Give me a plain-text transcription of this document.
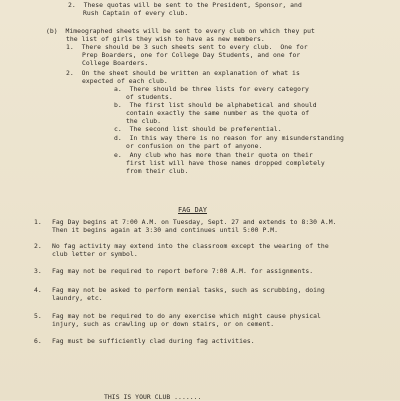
2.  These quotas will be sent to the President, Sponsor, and
Rush Captain of every club.
(b)  Mimeographed sheets will be sent to every club on which they put
the list of girls they wish to have as new members.
1.  There should be 3 such sheets sent to every club.  One for
Prep Boarders, one for College Day Students, and one for
College Boarders.
2.  On the sheet should be written an explanation of what is
expected of each club.
a.  There should be three lists for every category
of students.
b.  The first list should be alphabetical and should
contain exactly the same number as the quota of
the club.
c.  The second list should be preferential.
d.  In this way there is no reason for any misunderstanding
or confusion on the part of anyone.
e.  Any club who has more than their quota on their
first list will have those names dropped completely
from their club.
FAG DAY
1. Fag Day begins at 7:00 A.M. on Tuesday, Sept. 27 and extends to 8:30 A.M.
Then it begins again at 3:30 and continues until 5:00 P.M.
2. No fag activity may extend into the classroom except the wearing of the
club letter or symbol.
3. Fag may not be required to report before 7:00 A.M. for assignments.
4. Fag may not be asked to perform menial tasks, such as scrubbing, doing
laundry, etc.
5. Fag may not be required to do any exercise which might cause physical
injury, such as crawling up or down stairs, or on cement.
6. Fag must be sufficiently clad during fag activities.
THIS IS YOUR CLUB .......
